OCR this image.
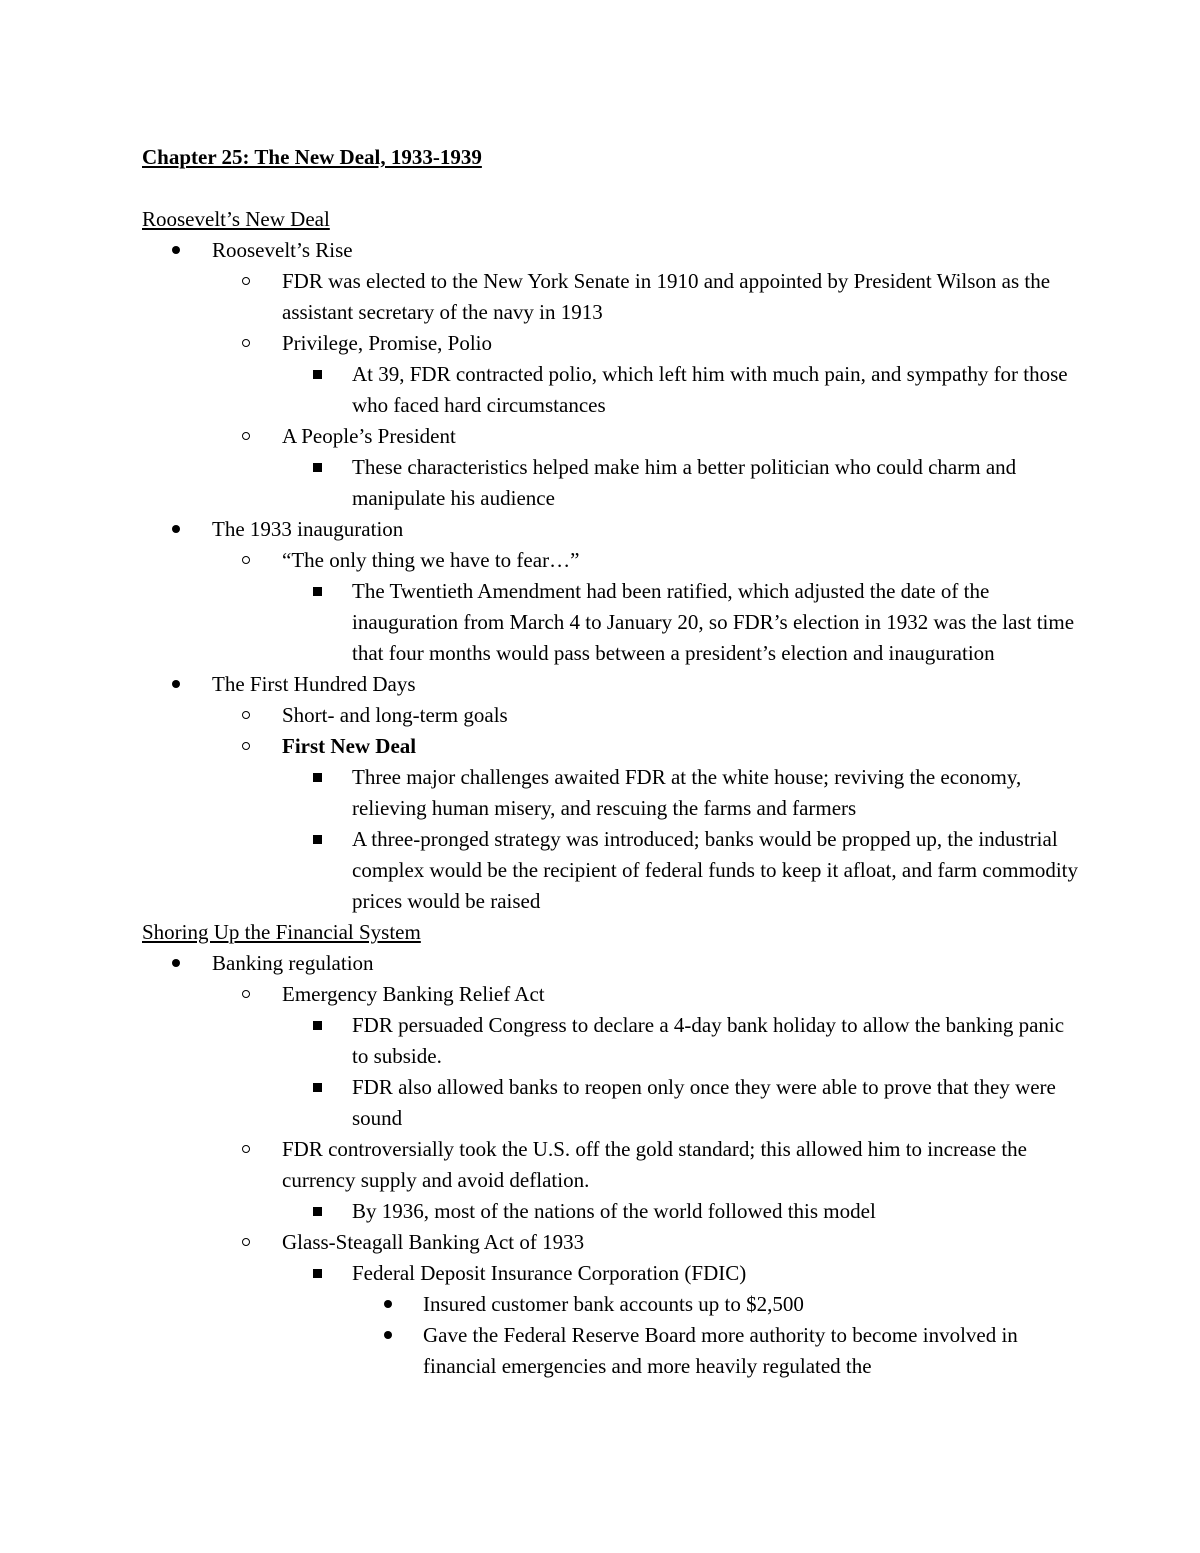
Chapter 25: The New Deal, 1933-1939
Roosevelt’s New Deal
Roosevelt’s Rise
FDR was elected to the New York Senate in 1910 and appointed by President Wilson as the assistant secretary of the navy in 1913
Privilege, Promise, Polio
At 39, FDR contracted polio, which left him with much pain, and sympathy for those who faced hard circumstances
A People’s President
These characteristics helped make him a better politician who could charm and manipulate his audience
The 1933 inauguration
“The only thing we have to fear…”
The Twentieth Amendment had been ratified, which adjusted the date of the inauguration from March 4 to January 20, so FDR’s election in 1932 was the last time that four months would pass between a president’s election and inauguration
The First Hundred Days
Short- and long-term goals
First New Deal
Three major challenges awaited FDR at the white house; reviving the economy, relieving human misery, and rescuing the farms and farmers
A three-pronged strategy was introduced; banks would be propped up, the industrial complex would be the recipient of federal funds to keep it afloat, and farm commodity prices would be raised
Shoring Up the Financial System
Banking regulation
Emergency Banking Relief Act
FDR persuaded Congress to declare a 4-day bank holiday to allow the banking panic to subside.
FDR also allowed banks to reopen only once they were able to prove that they were sound
FDR controversially took the U.S. off the gold standard; this allowed him to increase the currency supply and avoid deflation.
By 1936, most of the nations of the world followed this model
Glass-Steagall Banking Act of 1933
Federal Deposit Insurance Corporation (FDIC)
Insured customer bank accounts up to $2,500
Gave the Federal Reserve Board more authority to become involved in financial emergencies and more heavily regulated the
